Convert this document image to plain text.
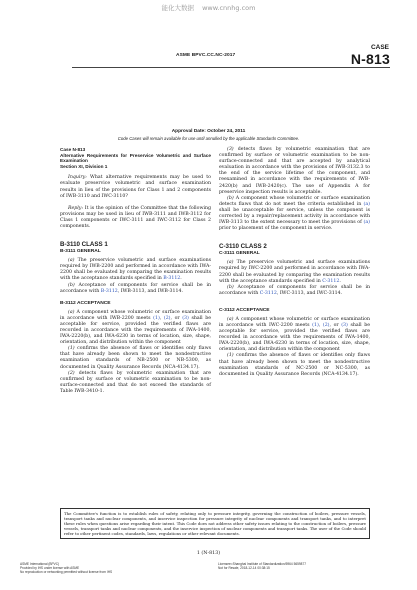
能化大数据 www.cnnhg.com
ASME BPVC.CC.NC-2017
CASE
N-813
Approval Date: October 24, 2011
Code Cases will remain available for use until annulled by the applicable Standards Committee.
Case N-813
Alternative Requirements for Preservice Volumetric and Surface Examination
Section XI, Division 1

Inquiry: What alternative requirements may be used to evaluate preservice volumetric and surface examination results in lieu of the provisions for Class 1 and 2 components of IWB-3110 and IWC-3110?

Reply: It is the opinion of the Committee that the following provisions may be used in lieu of IWB-3111 and IWB-3112 for Class 1 components or IWC-3111 and IWC-3112 for Class 2 components.

B-3110 CLASS 1
B-3111 GENERAL

(a) The preservice volumetric and surface examinations required by IWB-2200 and performed in accordance with IWA-2200 shall be evaluated by comparing the examination results with the acceptance standards specified in B-3112.

(b) Acceptance of components for service shall be in accordance with B-3112, IWB-3113, and IWB-3114.

B-3112 ACCEPTANCE

(a) A component whose volumetric or surface examination in accordance with IWB-2200 meets (1), (2), or (3) shall be acceptable for service, provided the verified flaws are recorded in accordance with the requirements of IWA-1400, IWA-2220(b), and IWA-6230 in terms of location, size, shape, orientation, and distribution within the component

(1) confirms the absence of flaws or identifies only flaws that have already been shown to meet the nondestructive examination standards of NB-2500 or NB-5300, as documented in Quality Assurance Records (NCA-4134.17).

(2) detects flaws by volumetric examination that are confirmed by surface or volumetric examination to be non-surface-connected and that do not exceed the standards of Table IWB-3410-1.

(3) detects flaws by volumetric examination that are confirmed by surface or volumetric examination to be non-surface-connected and that are accepted by analytical evaluation in accordance with the provisions of IWB-3132.3 to the end of the service lifetime of the component, and reexamined in accordance with the requirements of IWB-2420(b) and IWB-2420(c). The use of Appendix A for preservice inspection results is acceptable.

(b) A component whose volumetric or surface examination detects flaws that do not meet the criteria established in (a) shall be unacceptable for service, unless the component is corrected by a repair/replacement activity in accordance with IWB-3113 to the extent necessary to meet the provisions of (a) prior to placement of the component in service.

C-3110 CLASS 2
C-3111 GENERAL

(a) The preservice volumetric and surface examinations required by IWC-2200 and performed in accordance with IWA-2200 shall be evaluated by comparing the examination results with the acceptance standards specified in C-3112.

(b) Acceptance of components for service shall be in accordance with C-3112, IWC-3113, and IWC-3114.

C-3112 ACCEPTANCE

(a) A component whose volumetric or surface examination in accordance with IWC-2200 meets (1), (2), or (3) shall be acceptable for service, provided the verified flaws are recorded in accordance with the requirements of IWA-1400, IWA-2220(b), and IWA-6230 in terms of location, size, shape, orientation, and distribution within the component

(1) confirms the absence of flaws or identifies only flaws that have already been shown to meet the nondestructive examination standards of NC-2500 or NC-5300, as documented in Quality Assurance Records (NCA-4134.17).

The Committee's function is to establish rules of safety, relating only to pressure integrity, governing the construction of boilers, pressure vessels, transport tanks and nuclear components, and inservice inspection for pressure integrity of nuclear components and transport tanks, and to interpret these rules when questions arise regarding their intent. This Code does not address other safety issues relating to the construction of boilers, pressure vessels, transport tanks and nuclear components, and the inservice inspection of nuclear components and transport tanks. The user of the Code should refer to other pertinent codes, standards, laws, regulations or other relevant documents.
1 (N-813)
ASME International (BPVC)
Provided by IHS under license with ASME
No reproduction or networking permitted without license from IHS
Licensee=Shanghai Institute of Standardization/5964 5659877
Not for Resale, 2018-12-14 00:38:15
